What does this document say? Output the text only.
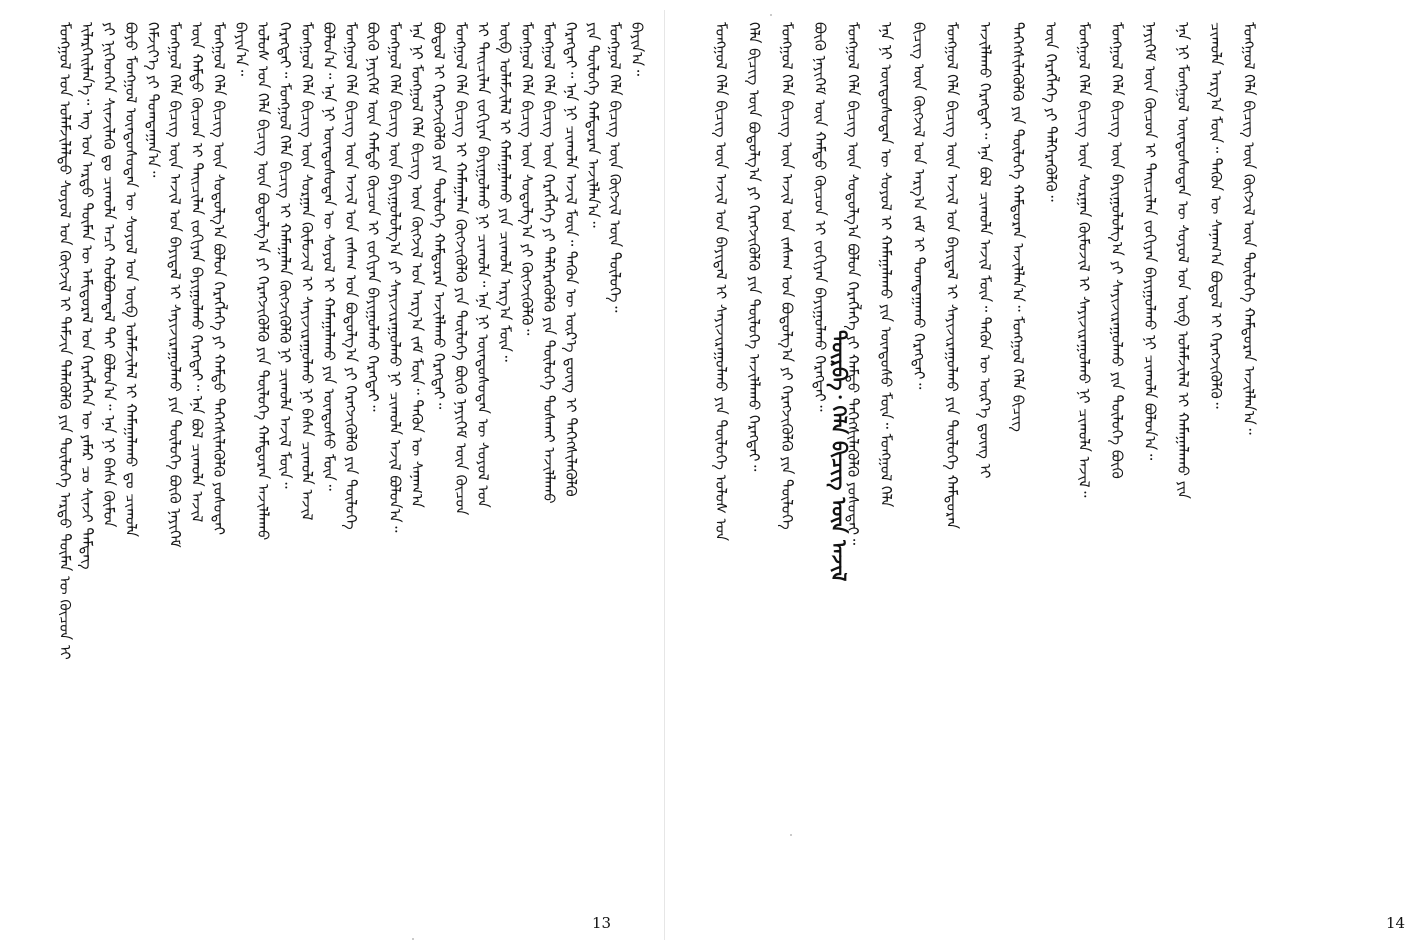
ᠮᠣᠩᠭᠣᠯ ᠤᠨ ᠤᠯᠠᠮᠵᠢᠯᠠᠯᠳᠤ ᠰᠣᠶᠣᠯ ᠤᠨ ᠬᠥᠭᠵᠢᠯ ᠢ ᠳᠡᠮᠵᠢᠨ ᠲᠡᠯᠡᠭᠦᠯᠬᠦ ᠶᠢᠨ ᠲᠥᠯᠥᠭᠡ ᠠᠷᠳᠤ ᠲᠦᠮᠡᠨ ᠦ ᠬᠦᠴᠦᠨ ᠢ ᠢᠯᠡᠷᠬᠡᠢᠯᠡᠨ᠎ᠡ᠃ ᠡᠩ ᠤᠨ ᠠᠷᠳᠤ ᠲᠦᠮᠡᠨ ᠦ ᠠᠮᠢᠳᠤᠷᠠᠯ ᠤᠨ ᠬᠡᠷᠡᠭᠯᠡᠭᠡᠨ ᠦ ᠶᠠᠮᠠᠷ ᠴᠤ ᠰᠢᠨᠵᠢ ᠲᠡᠮᠳᠡᠭ ᠶᠢ ᠨᠢᠭᠡᠳᠬᠡᠨ ᠰᠢᠨᠵᠢᠯᠡᠬᠦ ᠳᠤ ᠴᠢᠬᠤᠯᠠ ᠠᠴᠢ ᠬᠣᠯᠪᠣᠭᠳᠠᠯ ᠲᠠᠢ ᠪᠣᠯᠤᠨ᠎ᠠ᠃ ᠡᠨᠡ ᠨᠢ ᠪᠠᠰᠠ ᠬᠦᠮᠦᠨ ᠪᠤᠶᠤ ᠮᠣᠩᠭᠣᠯ ᠦᠨᠳᠦᠰᠦᠲᠡᠨ ᠦ ᠰᠣᠶᠣᠯ ᠤᠨ ᠦᠪ ᠤᠯᠠᠮᠵᠢᠯᠠᠯ ᠢ ᠬᠠᠮᠠᠭᠠᠯᠠᠬᠤ ᠳᠤ ᠴᠢᠬᠤᠯᠠ ᠬᠡᠮᠵᠢᠶ᠎ᠡ ᠶᠢ ᠲᠣᠭᠲᠠᠭᠠᠨ᠎ᠠ᠃ ᠮᠣᠩᠭᠣᠯ ᠬᠡᠯᠡ ᠪᠢᠴᠢᠭ ᠦᠨ ᠠᠵᠢᠯ ᠤᠨ ᠪᠠᠶᠢᠳᠠᠯ ᠢ ᠰᠠᠶᠢᠵᠢᠷᠠᠭᠤᠯᠬᠤ ᠶᠢᠨ ᠲᠥᠯᠥᠭᠡ ᠪᠦᠬᠦ ᠨᠡᠶᠢᠭᠡᠮ ᠦᠨ ᠬᠠᠮᠲᠤ ᠬᠦᠴᠦᠨ ᠢ ᠳᠠᠢᠴᠢᠯᠠᠨ ᠵᠣᠬᠢᠶᠠᠨ ᠪᠠᠶᠢᠭᠤᠯᠬᠤ ᠬᠡᠷᠡᠭᠲᠡᠢ᠃ ᠡᠨᠡ ᠪᠣᠯ ᠴᠢᠬᠤᠯᠠ ᠠᠵᠢᠯ ᠮᠣᠩᠭᠣᠯ ᠬᠡᠯᠡ ᠪᠢᠴᠢᠭ ᠦᠨ ᠰᠤᠳᠤᠯᠭ᠎ᠠ ᠪᠣᠯᠤᠨ ᠬᠡᠷᠡᠭᠯᠡᠭᠡ ᠶᠢ ᠬᠠᠮᠲᠤ ᠳᠡᠭᠡᠭᠰᠢᠯᠡᠭᠦᠯᠬᠦ ᠶᠣᠰᠣᠲᠠᠢ ᠪᠠᠶᠢᠨ᠎ᠠ᠃ ᠤᠯᠤᠰ ᠤᠨ ᠬᠡᠯᠡ ᠪᠢᠴᠢᠭ ᠦᠨ ᠪᠣᠳᠣᠯᠭ᠎ᠠ ᠶᠢ ᠬᠡᠷᠡᠭᠵᠢᠭᠦᠯᠬᠦ ᠶᠢᠨ ᠲᠥᠯᠥᠭᠡ ᠬᠠᠮᠲᠤᠷᠠᠨ ᠠᠵᠢᠯᠯᠠᠬᠤ ᠬᠡᠷᠡᠭᠲᠡᠢ᠃ ᠮᠣᠩᠭᠣᠯ ᠬᠡᠯᠡ ᠪᠢᠴᠢᠭ ᠢ ᠬᠠᠮᠠᠭᠠᠯᠠᠨ ᠬᠥᠭᠵᠢᠭᠦᠯᠬᠦ ᠨᠢ ᠴᠢᠬᠤᠯᠠ ᠠᠵᠢᠯ ᠮᠥᠨ᠃ ᠮᠣᠩᠭᠣᠯ ᠬᠡᠯᠡ ᠪᠢᠴᠢᠭ ᠦᠨ ᠰᠤᠷᠭᠠᠨ ᠬᠦᠮᠦᠵᠢᠯ ᠢ ᠰᠠᠶᠢᠵᠢᠷᠠᠭᠤᠯᠬᠤ ᠨᠢ ᠪᠠᠰᠠ ᠴᠢᠬᠤᠯᠠ ᠠᠵᠢᠯ ᠪᠣᠯᠤᠨ᠎ᠠ᠃ ᠡᠨᠡ ᠨᠢ ᠦᠨᠳᠦᠰᠦᠲᠡᠨ ᠦ ᠰᠣᠶᠣᠯ ᠢ ᠬᠠᠮᠠᠭᠠᠯᠠᠬᠤ ᠶᠢᠨ ᠦᠨᠳᠦᠰᠦ ᠮᠥᠨ᠃ ᠮᠣᠩᠭᠣᠯ ᠬᠡᠯᠡ ᠪᠢᠴᠢᠭ ᠦᠨ ᠠᠵᠢᠯ ᠤᠨ ᠵᠠᠰᠠᠭ ᠤᠨ ᠪᠣᠳᠣᠯᠭ᠎ᠠ ᠶᠢ ᠬᠡᠷᠡᠭᠵᠢᠭᠦᠯᠬᠦ ᠶᠢᠨ ᠲᠥᠯᠥᠭᠡ ᠪᠦᠬᠦ ᠨᠡᠶᠢᠭᠡᠮ ᠦᠨ ᠬᠠᠮᠲᠤ ᠬᠦᠴᠦᠨ ᠢ ᠵᠣᠬᠢᠶᠠᠨ ᠪᠠᠶᠢᠭᠤᠯᠬᠤ ᠬᠡᠷᠡᠭᠲᠡᠢ᠃ ᠮᠣᠩᠭᠣᠯ ᠬᠡᠯᠡ ᠪᠢᠴᠢᠭ ᠦᠨ ᠪᠠᠶᠢᠭᠤᠯᠤᠯᠭ᠎ᠠ ᠶᠢ ᠰᠠᠶᠢᠵᠢᠷᠠᠭᠤᠯᠬᠤ ᠨᠢ ᠴᠢᠬᠤᠯᠠ ᠠᠵᠢᠯ ᠪᠣᠯᠤᠨ᠎ᠠ᠃ ᠡᠨᠡ ᠨᠢ ᠮᠣᠩᠭᠣᠯ ᠬᠡᠯᠡ ᠪᠢᠴᠢᠭ ᠦᠨ ᠬᠥᠭᠵᠢᠯ ᠤᠨ ᠠᠷᠭ᠎ᠠ ᠵᠠᠮ ᠮᠥᠨ᠃ ᠲᠡᠭᠦᠨ ᠦ ᠰᠠᠨᠠᠭ᠎ᠠ ᠪᠣᠳᠣᠯ ᠢ ᠬᠡᠷᠡᠭᠵᠢᠭᠦᠯᠬᠦ ᠶᠢᠨ ᠲᠥᠯᠥᠭᠡ ᠬᠠᠮᠲᠤᠷᠠᠨ ᠠᠵᠢᠯᠯᠠᠬᠤ ᠬᠡᠷᠡᠭᠲᠡᠢ᠃ ᠮᠣᠩᠭᠣᠯ ᠬᠡᠯᠡ ᠪᠢᠴᠢᠭ ᠢ ᠬᠠᠮᠠᠭᠠᠯᠠᠨ ᠬᠥᠭᠵᠢᠭᠦᠯᠬᠦ ᠶᠢᠨ ᠲᠥᠯᠥᠭᠡ ᠪᠦᠬᠦ ᠨᠡᠶᠢᠭᠡᠮ ᠦᠨ ᠬᠦᠴᠦᠨ ᠢ ᠳᠠᠢᠴᠢᠯᠠᠨ ᠵᠣᠬᠢᠶᠠᠨ ᠪᠠᠶᠢᠭᠤᠯᠬᠤ ᠨᠢ ᠴᠢᠬᠤᠯᠠ᠃ ᠡᠨᠡ ᠨᠢ ᠦᠨᠳᠦᠰᠦᠲᠡᠨ ᠦ ᠰᠣᠶᠣᠯ ᠤᠨ ᠦᠪ ᠤᠯᠠᠮᠵᠢᠯᠠᠯ ᠢ ᠬᠠᠮᠠᠭᠠᠯᠠᠬᠤ ᠶᠢᠨ ᠴᠢᠬᠤᠯᠠ ᠠᠷᠭ᠎ᠠ ᠮᠥᠨ᠃ ᠮᠣᠩᠭᠣᠯ ᠬᠡᠯᠡ ᠪᠢᠴᠢᠭ ᠦᠨ ᠰᠤᠳᠤᠯᠭ᠎ᠠ ᠶᠢ ᠬᠥᠭᠵᠢᠭᠦᠯᠬᠦ᠃ ᠮᠣᠩᠭᠣᠯ ᠬᠡᠯᠡ ᠪᠢᠴᠢᠭ ᠦᠨ ᠬᠡᠷᠡᠭᠯᠡᠭᠡ ᠶᠢ ᠳᠡᠯᠭᠡᠷᠡᠭᠦᠯᠬᠦ ᠶᠢᠨ ᠲᠥᠯᠥᠭᠡ ᠲᠤᠰᠬᠠᠢ ᠠᠵᠢᠯᠯᠠᠬᠤ ᠬᠡᠷᠡᠭᠲᠡᠢ᠃ ᠡᠨᠡ ᠨᠢ ᠴᠢᠬᠤᠯᠠ ᠠᠵᠢᠯ ᠮᠥᠨ᠃ ᠲᠡᠭᠦᠨ ᠦ ᠦᠷ᠎ᠡ ᠳ᠋ᠦᠩ ᠢ ᠳᠡᠭᠡᠭᠰᠢᠯᠡᠭᠦᠯᠬᠦ ᠶᠢᠨ ᠲᠥᠯᠥᠭᠡ ᠬᠠᠮᠲᠤᠷᠠᠨ ᠠᠵᠢᠯᠯᠠᠨ᠎ᠠ᠃ ᠮᠣᠩᠭᠣᠯ ᠬᠡᠯᠡ ᠪᠢᠴᠢᠭ ᠦᠨ ᠬᠥᠭᠵᠢᠯ ᠦᠨ ᠲᠥᠯᠥᠭᠡ᠃ ᠪᠠᠶᠢᠨ᠎ᠠ᠃
13
ᠮᠣᠩᠭᠣᠯ ᠬᠡᠯᠡ ᠪᠢᠴᠢᠭ ᠦᠨ ᠠᠵᠢᠯ ᠤᠨ ᠪᠠᠶᠢᠳᠠᠯ ᠢ ᠰᠠᠶᠢᠵᠢᠷᠠᠭᠤᠯᠬᠤ ᠶᠢᠨ ᠲᠥᠯᠥᠭᠡ ᠤᠯᠤᠰ ᠤᠨ ᠬᠡᠯᠡ ᠪᠢᠴᠢᠭ ᠦᠨ ᠪᠣᠳᠣᠯᠭ᠎ᠠ ᠶᠢ ᠬᠡᠷᠡᠭᠵᠢᠭᠦᠯᠬᠦ ᠶᠢᠨ ᠲᠥᠯᠥᠭᠡ ᠠᠵᠢᠯᠯᠠᠬᠤ ᠬᠡᠷᠡᠭᠲᠡᠢ᠃ ᠮᠣᠩᠭᠣᠯ ᠬᠡᠯᠡ ᠪᠢᠴᠢᠭ ᠦᠨ ᠠᠵᠢᠯ ᠤᠨ ᠵᠠᠰᠠᠭ ᠤᠨ ᠪᠣᠳᠣᠯᠭ᠎ᠠ ᠶᠢ ᠬᠡᠷᠡᠭᠵᠢᠭᠦᠯᠬᠦ ᠶᠢᠨ ᠲᠥᠯᠥᠭᠡ ᠪᠦᠬᠦ ᠨᠡᠶᠢᠭᠡᠮ ᠦᠨ ᠬᠠᠮᠲᠤ ᠬᠦᠴᠦᠨ ᠢ ᠵᠣᠬᠢᠶᠠᠨ ᠪᠠᠶᠢᠭᠤᠯᠬᠤ ᠬᠡᠷᠡᠭᠲᠡᠢ᠃ ᠮᠣᠩᠭᠣᠯ ᠬᠡᠯᠡ ᠪᠢᠴᠢᠭ ᠦᠨ ᠰᠤᠳᠤᠯᠭ᠎ᠠ ᠪᠣᠯᠤᠨ ᠬᠡᠷᠡᠭᠯᠡᠭᠡ ᠶᠢ ᠬᠠᠮᠲᠤ ᠳᠡᠭᠡᠭᠰᠢᠯᠡᠭᠦᠯᠬᠦ ᠶᠣᠰᠣᠲᠠᠢ᠃ ᠡᠨᠡ ᠨᠢ ᠦᠨᠳᠦᠰᠦᠲᠡᠨ ᠦ ᠰᠣᠶᠣᠯ ᠢ ᠬᠠᠮᠠᠭᠠᠯᠠᠬᠤ ᠶᠢᠨ ᠦᠨᠳᠦᠰᠦ ᠮᠥᠨ᠃ ᠮᠣᠩᠭᠣᠯ ᠬᠡᠯᠡ ᠪᠢᠴᠢᠭ ᠦᠨ ᠬᠥᠭᠵᠢᠯ ᠤᠨ ᠠᠷᠭ᠎ᠠ ᠵᠠᠮ ᠢ ᠲᠣᠭᠲᠠᠭᠠᠬᠤ ᠬᠡᠷᠡᠭᠲᠡᠢ᠃ ᠮᠣᠩᠭᠣᠯ ᠬᠡᠯᠡ ᠪᠢᠴᠢᠭ ᠦᠨ ᠠᠵᠢᠯ ᠤᠨ ᠪᠠᠶᠢᠳᠠᠯ ᠢ ᠰᠠᠶᠢᠵᠢᠷᠠᠭᠤᠯᠬᠤ ᠶᠢᠨ ᠲᠥᠯᠥᠭᠡ ᠬᠠᠮᠲᠤᠷᠠᠨ ᠠᠵᠢᠯᠯᠠᠬᠤ ᠬᠡᠷᠡᠭᠲᠡᠢ᠃ ᠡᠨᠡ ᠪᠣᠯ ᠴᠢᠬᠤᠯᠠ ᠠᠵᠢᠯ ᠮᠥᠨ᠃ ᠲᠡᠭᠦᠨ ᠦ ᠦᠷ᠎ᠡ ᠳ᠋ᠦᠩ ᠢ ᠳᠡᠭᠡᠭᠰᠢᠯᠡᠭᠦᠯᠬᠦ ᠶᠢᠨ ᠲᠥᠯᠥᠭᠡ ᠬᠠᠮᠲᠤᠷᠠᠨ ᠠᠵᠢᠯᠯᠠᠨ᠎ᠠ᠃ ᠮᠣᠩᠭᠣᠯ ᠬᠡᠯᠡ ᠪᠢᠴᠢᠭ ᠦᠨ ᠬᠡᠷᠡᠭᠯᠡᠭᠡ ᠶᠢ ᠳᠡᠯᠭᠡᠷᠡᠭᠦᠯᠬᠦ᠃ ᠮᠣᠩᠭᠣᠯ ᠬᠡᠯᠡ ᠪᠢᠴᠢᠭ ᠦᠨ ᠰᠤᠷᠭᠠᠨ ᠬᠦᠮᠦᠵᠢᠯ ᠢ ᠰᠠᠶᠢᠵᠢᠷᠠᠭᠤᠯᠬᠤ ᠨᠢ ᠴᠢᠬᠤᠯᠠ ᠠᠵᠢᠯ᠃ ᠮᠣᠩᠭᠣᠯ ᠬᠡᠯᠡ ᠪᠢᠴᠢᠭ ᠦᠨ ᠪᠠᠶᠢᠭᠤᠯᠤᠯᠭ᠎ᠠ ᠶᠢ ᠰᠠᠶᠢᠵᠢᠷᠠᠭᠤᠯᠬᠤ ᠶᠢᠨ ᠲᠥᠯᠥᠭᠡ ᠪᠦᠬᠦ ᠨᠡᠶᠢᠭᠡᠮ ᠦᠨ ᠬᠦᠴᠦᠨ ᠢ ᠳᠠᠢᠴᠢᠯᠠᠨ ᠵᠣᠬᠢᠶᠠᠨ ᠪᠠᠶᠢᠭᠤᠯᠬᠤ ᠨᠢ ᠴᠢᠬᠤᠯᠠ ᠪᠣᠯᠤᠨ᠎ᠠ᠃ ᠡᠨᠡ ᠨᠢ ᠮᠣᠩᠭᠣᠯ ᠦᠨᠳᠦᠰᠦᠲᠡᠨ ᠦ ᠰᠣᠶᠣᠯ ᠤᠨ ᠦᠪ ᠤᠯᠠᠮᠵᠢᠯᠠᠯ ᠢ ᠬᠠᠮᠠᠭᠠᠯᠠᠬᠤ ᠶᠢᠨ ᠴᠢᠬᠤᠯᠠ ᠠᠷᠭ᠎ᠠ ᠮᠥᠨ᠃ ᠲᠡᠭᠦᠨ ᠦ ᠰᠠᠨᠠᠭ᠎ᠠ ᠪᠣᠳᠣᠯ ᠢ ᠬᠡᠷᠡᠭᠵᠢᠭᠦᠯᠬᠦ᠃ ᠮᠣᠩᠭᠣᠯ ᠬᠡᠯᠡ ᠪᠢᠴᠢᠭ ᠦᠨ ᠬᠥᠭᠵᠢᠯ ᠦᠨ ᠲᠥᠯᠥᠭᠡ ᠬᠠᠮᠲᠤᠷᠠᠨ ᠠᠵᠢᠯᠯᠠᠨ᠎ᠠ᠃
ᠳᠥᠷᠪᠡ᠂ ᠬᠡᠯᠡ ᠪᠢᠴᠢᠭ ᠦᠨ ᠠᠵᠢᠯ
14
